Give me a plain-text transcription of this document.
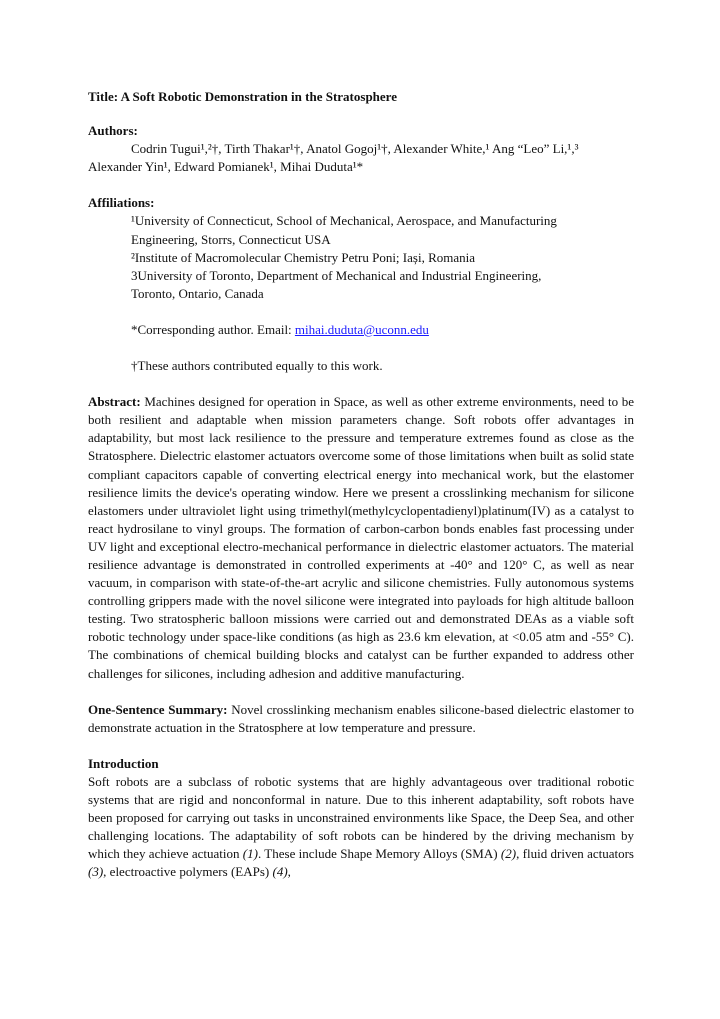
Title: A Soft Robotic Demonstration in the Stratosphere
Authors:
Codrin Tugui¹,²†, Tirth Thakar¹†, Anatol Gogoj¹†, Alexander White,¹ Ang “Leo” Li,¹,³
Alexander Yin¹, Edward Pomianek¹, Mihai Duduta¹*
Affiliations:
¹University of Connecticut, School of Mechanical, Aerospace, and Manufacturing
Engineering, Storrs, Connecticut USA
²Institute of Macromolecular Chemistry Petru Poni; Iași, Romania
3University of Toronto, Department of Mechanical and Industrial Engineering,
Toronto, Ontario, Canada
*Corresponding author. Email: mihai.duduta@uconn.edu
†These authors contributed equally to this work.
Abstract: Machines designed for operation in Space, as well as other extreme environments, need to be both resilient and adaptable when mission parameters change. Soft robots offer advantages in adaptability, but most lack resilience to the pressure and temperature extremes found as close as the Stratosphere. Dielectric elastomer actuators overcome some of those limitations when built as solid state compliant capacitors capable of converting electrical energy into mechanical work, but the elastomer resilience limits the device's operating window. Here we present a crosslinking mechanism for silicone elastomers under ultraviolet light using trimethyl(methylcyclopentadienyl)platinum(IV) as a catalyst to react hydrosilane to vinyl groups. The formation of carbon-carbon bonds enables fast processing under UV light and exceptional electro-mechanical performance in dielectric elastomer actuators. The material resilience advantage is demonstrated in controlled experiments at -40° and 120° C, as well as near vacuum, in comparison with state-of-the-art acrylic and silicone chemistries. Fully autonomous systems controlling grippers made with the novel silicone were integrated into payloads for high altitude balloon testing. Two stratospheric balloon missions were carried out and demonstrated DEAs as a viable soft robotic technology under space-like conditions (as high as 23.6 km elevation, at <0.05 atm and -55° C). The combinations of chemical building blocks and catalyst can be further expanded to address other challenges for silicones, including adhesion and additive manufacturing.
One-Sentence Summary: Novel crosslinking mechanism enables silicone-based dielectric elastomer to demonstrate actuation in the Stratosphere at low temperature and pressure.
Introduction
Soft robots are a subclass of robotic systems that are highly advantageous over traditional robotic systems that are rigid and nonconformal in nature. Due to this inherent adaptability, soft robots have been proposed for carrying out tasks in unconstrained environments like Space, the Deep Sea, and other challenging locations. The adaptability of soft robots can be hindered by the driving mechanism by which they achieve actuation (1). These include Shape Memory Alloys (SMA) (2), fluid driven actuators (3), electroactive polymers (EAPs) (4),
